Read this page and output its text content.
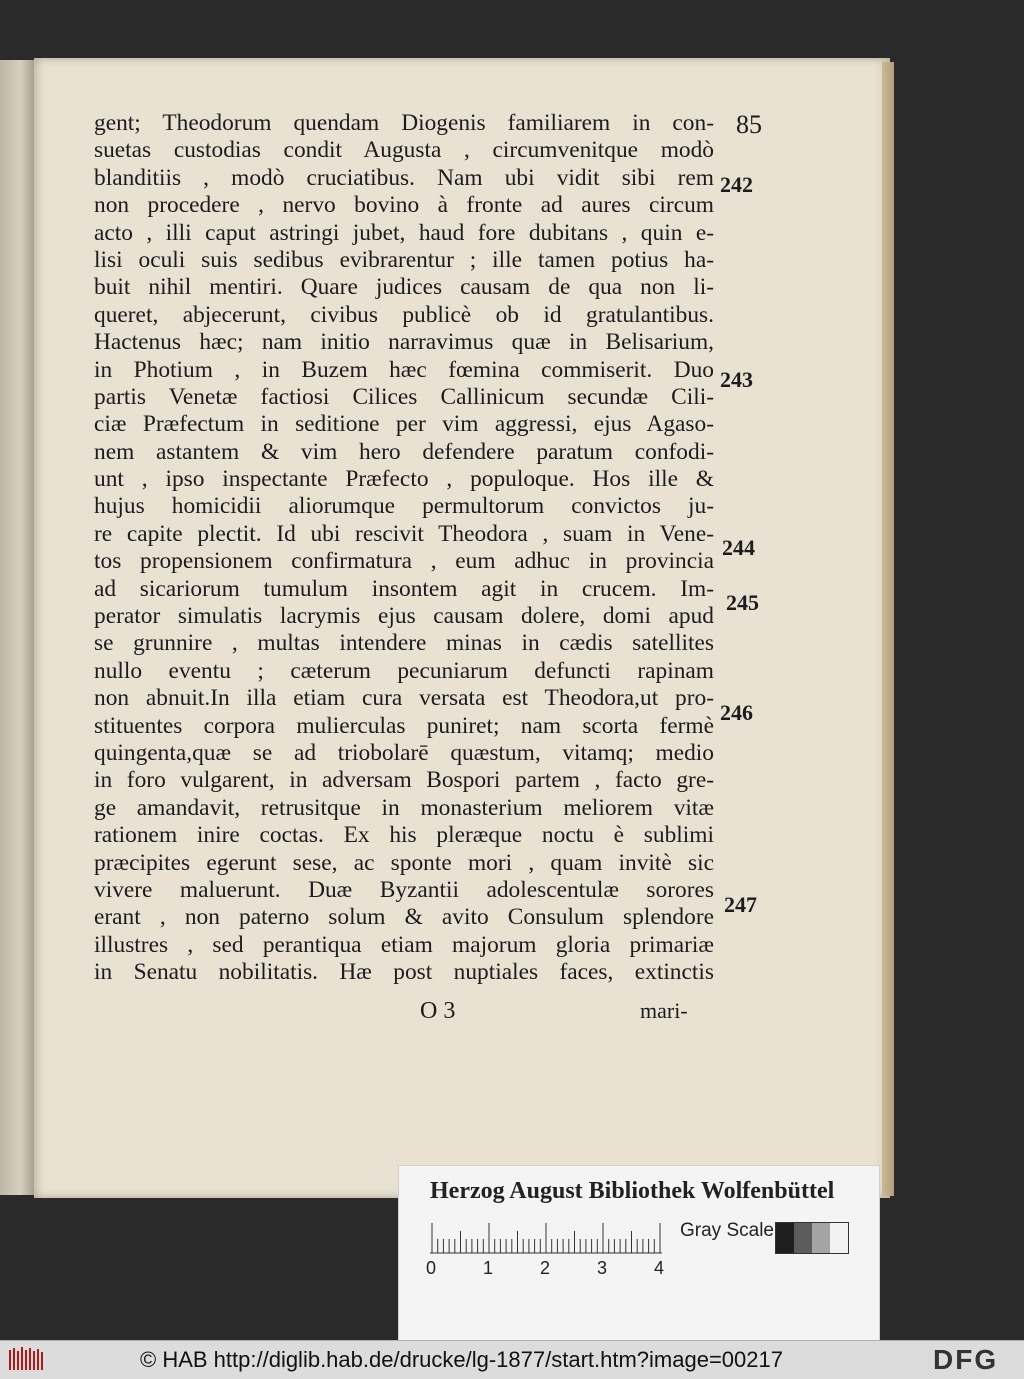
85
gent; Theodorum quendam Diogenis familiarem in con-
suetas custodias condit Augusta , circumvenitque modò
blanditiis , modò cruciatibus. Nam ubi vidit sibi rem
non procedere , nervo bovino à fronte ad aures circum
acto , illi caput astringi jubet, haud fore dubitans , quin e-
lisi oculi suis sedibus evibrarentur ; ille tamen potius ha-
buit nihil mentiri. Quare judices causam de qua non li-
queret, abjecerunt, civibus publicè ob id gratulantibus.
Hactenus hæc; nam initio narravimus quæ in Belisarium,
in Photium , in Buzem hæc fœmina commiserit. Duo
partis Venetæ factiosi Cilices Callinicum secundæ Cili-
ciæ Præfectum in seditione per vim aggressi, ejus Agaso-
nem astantem & vim hero defendere paratum confodi-
unt , ipso inspectante Præfecto , populoque. Hos ille &
hujus homicidii aliorumque permultorum convictos ju-
re capite plectit. Id ubi rescivit Theodora , suam in Vene-
tos propensionem confirmatura , eum adhuc in provincia
ad sicariorum tumulum insontem agit in crucem. Im-
perator simulatis lacrymis ejus causam dolere, domi apud
se grunnire , multas intendere minas in cædis satellites
nullo eventu ; cæterum pecuniarum defuncti rapinam
non abnuit.In illa etiam cura versata est Theodora,ut pro-
stituentes corpora mulierculas puniret; nam scorta fermè
quingenta,quæ se ad triobolarē quæstum, vitamq; medio
in foro vulgarent, in adversam Bospori partem , facto gre-
ge amandavit, retrusitque in monasterium meliorem vitæ
rationem inire coctas. Ex his pleræque noctu è sublimi
præcipites egerunt sese, ac sponte mori , quam invitè sic
vivere maluerunt. Duæ Byzantii adolescentulæ sorores
erant , non paterno solum & avito Consulum splendore
illustres , sed perantiqua etiam majorum gloria primariæ
in Senatu nobilitatis. Hæ post nuptiales faces, extinctis
242
243
244
245
246
247
O 3	mari-
Herzog August Bibliothek Wolfenbüttel
0	1	2	3	4
Gray Scale
© HAB http://diglib.hab.de/drucke/lg-1877/start.htm?image=00217	DFG
